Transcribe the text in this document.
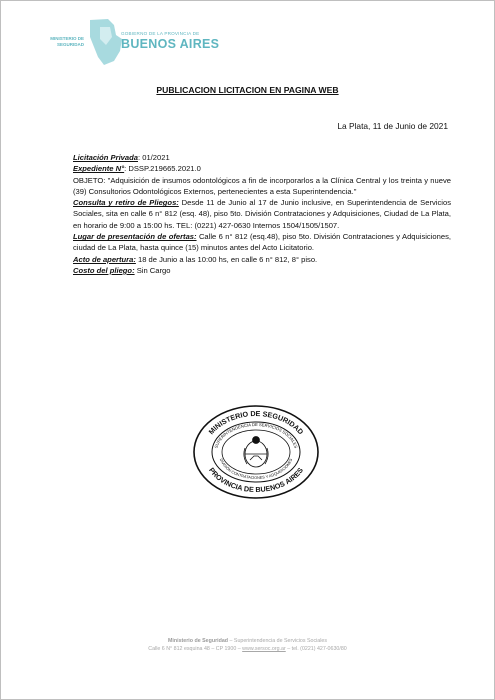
MINISTERIO DE
SEGURIDAD
GOBIERNO DE LA PROVINCIA DE
BUENOS AIRES
PUBLICACION LICITACION EN PAGINA WEB
La Plata, 11 de Junio de 2021

Licitación Privada: 01/2021

Expediente N°: DSSP.219665.2021.0

OBJETO: "Adquisición de insumos odontológicos a fin de incorporarlos a la Clínica Central y los treinta y nueve (39) Consultorios Odontológicos Externos, pertenecientes a esta Superintendencia."

Consulta y retiro de Pliegos: Desde 11 de Junio al 17 de Junio inclusive, en Superintendencia de Servicios Sociales, sita en calle 6 n° 812 (esq. 48), piso 5to. División Contrataciones y Adquisiciones, Ciudad de La Plata, en horario de 9:00 a 15:00 hs. TEL: (0221) 427-0630 Internos 1504/1505/1507.

Lugar de presentación de ofertas: Calle 6 n° 812 (esq.48), piso 5to. División Contrataciones y Adquisiciones, ciudad de La Plata, hasta quince (15) minutos antes del Acto Licitatorio.

Acto de apertura: 18 de Junio a las 10:00 hs, en calle 6 n° 812, 8° piso.

Costo del pliego: Sin Cargo

MINISTERIO DE SEGURIDAD
SUPERINTENDENCIA DE SERVICIOS SOCIALES
DIVISIÓN CONTRATACIONES Y ADQUISICIONES
PROVINCIA DE BUENOS AIRES
Ministerio de Seguridad – Superintendencia de Servicios Sociales
Calle 6 N° 812 esquina 48 – CP 1900 – www.sersoc.org.ar – tel. (0221) 427-0630/80
